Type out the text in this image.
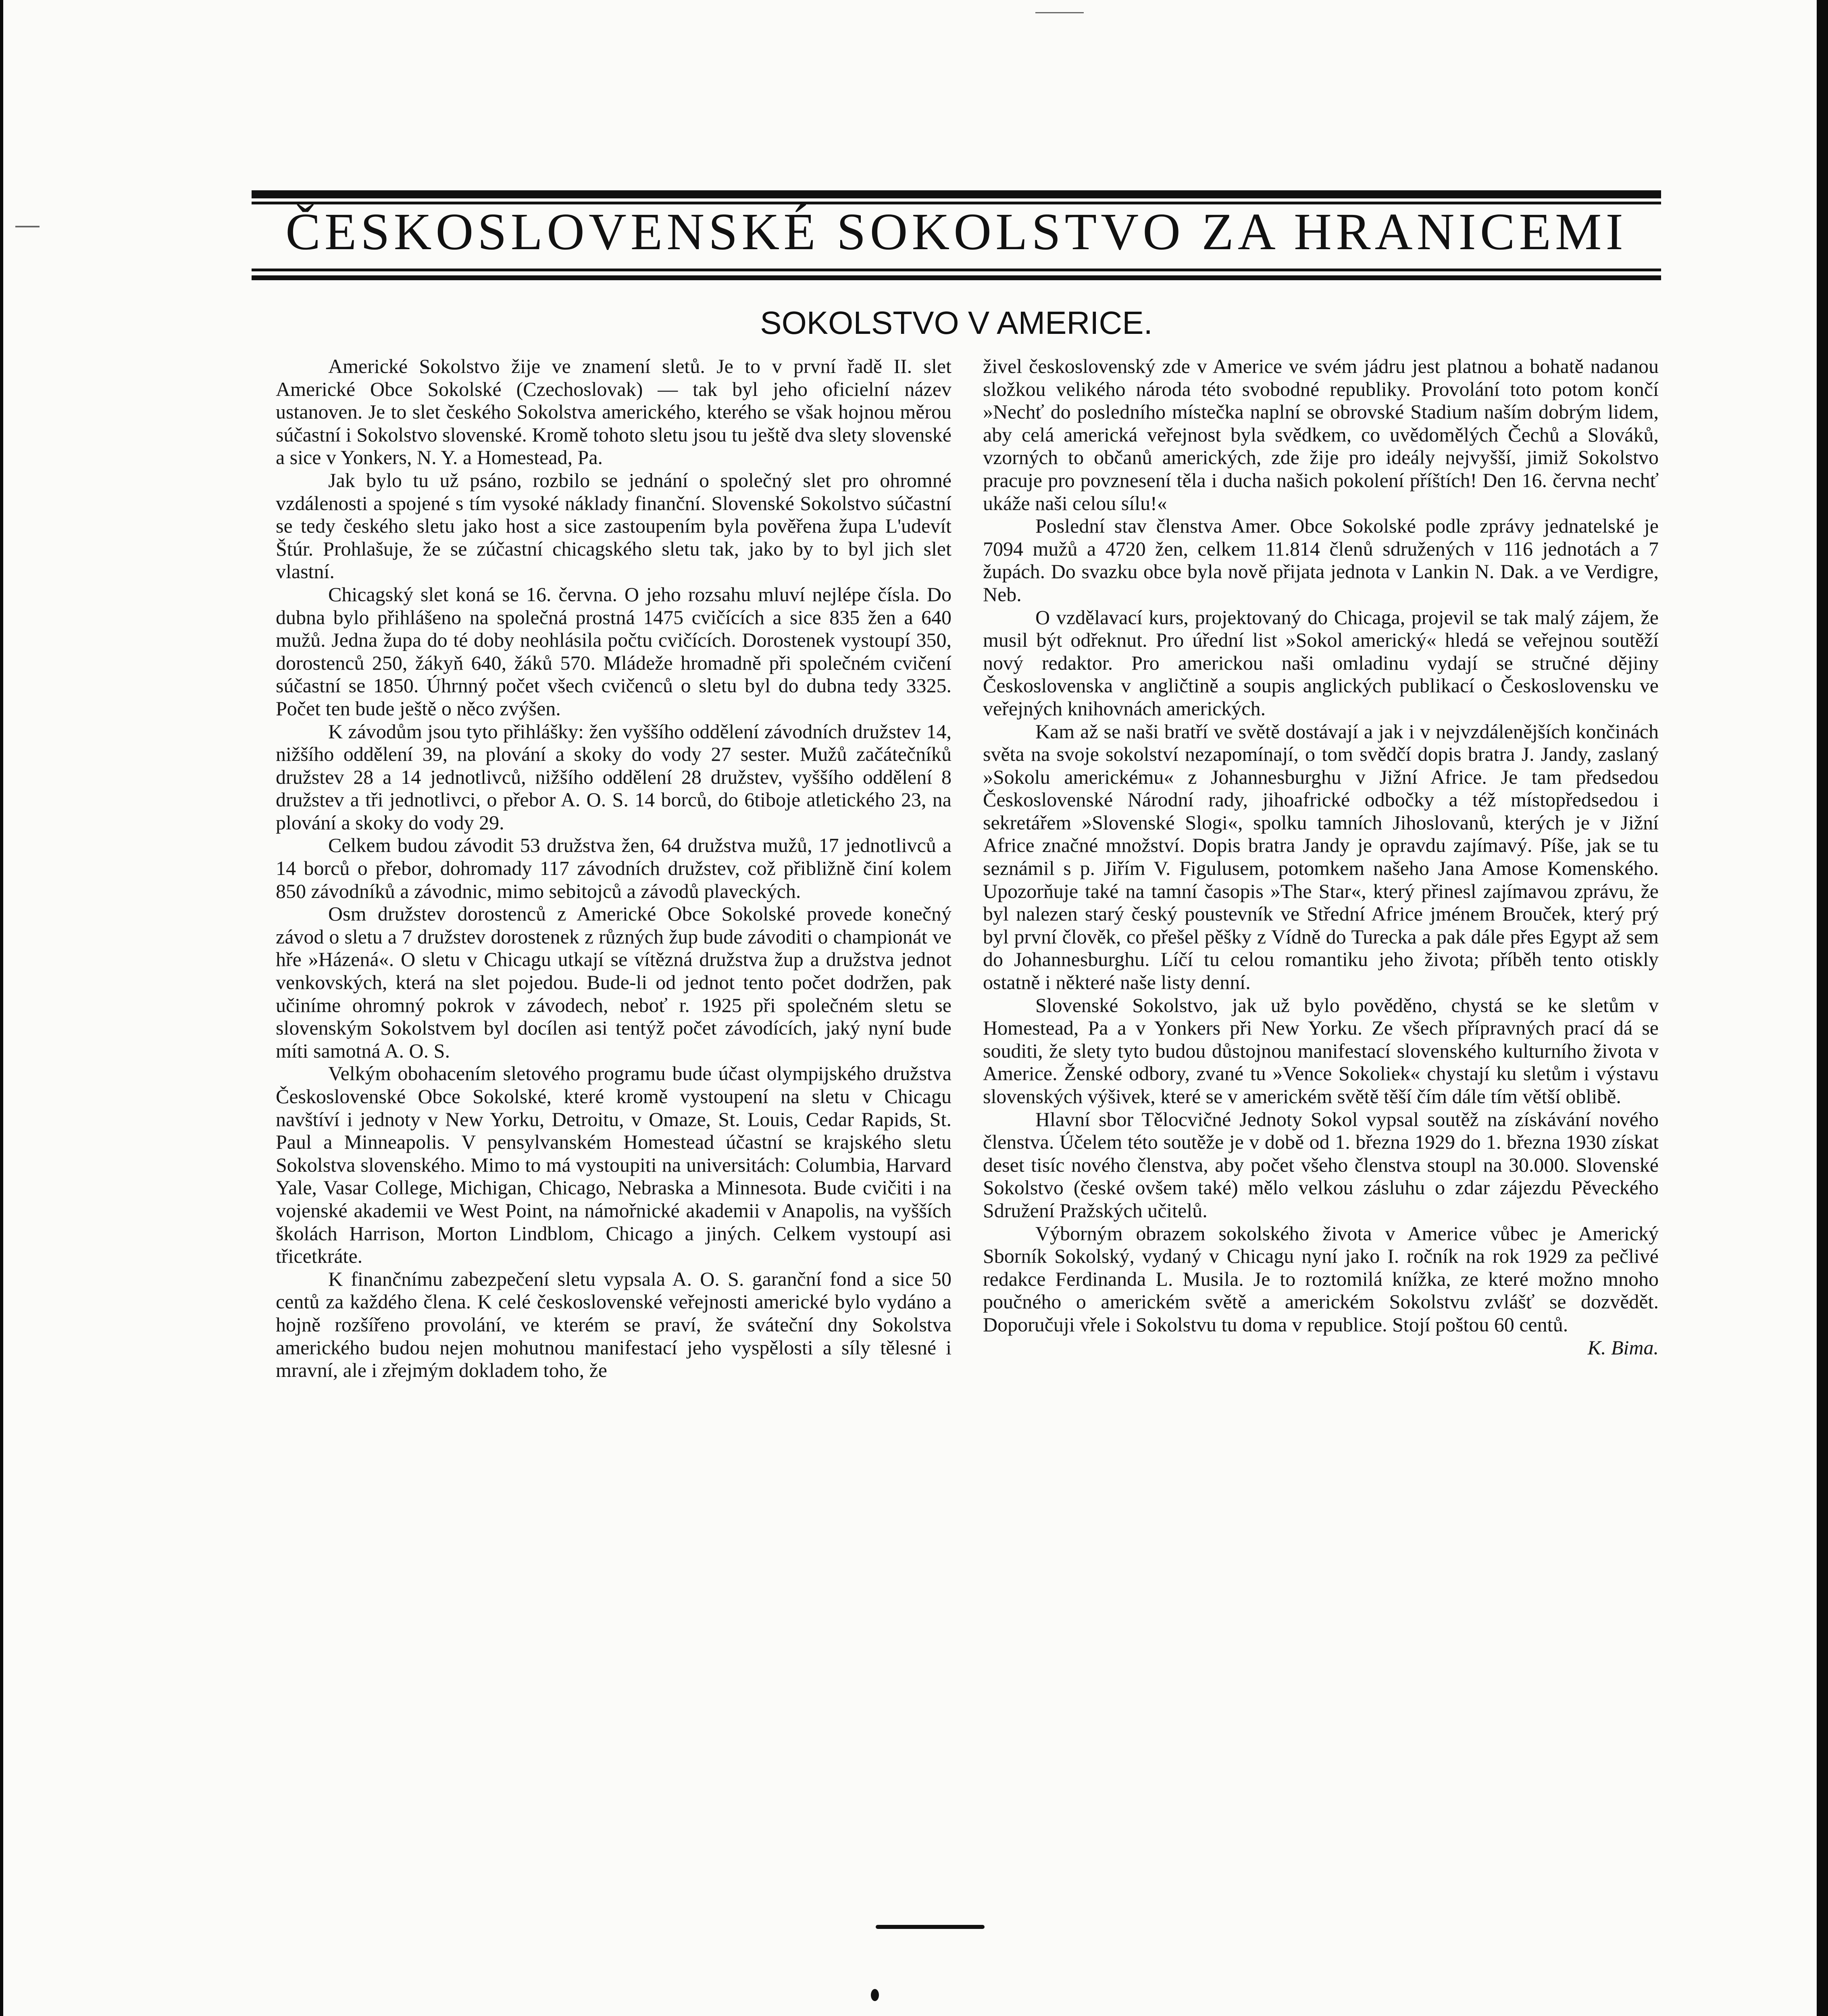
ČESKOSLOVENSKÉ SOKOLSTVO ZA HRANICEMI
SOKOLSTVO V AMERICE.

Americké Sokolstvo žije ve znamení sletů. Je to v první řadě II. slet Americké Obce Sokolské (Czechoslovak) — tak byl jeho oficielní název ustanoven. Je to slet českého Sokolstva amerického, kterého se však hojnou měrou súčastní i Sokolstvo slovenské. Kromě tohoto sletu jsou tu ještě dva slety slovenské a sice v Yonkers, N. Y. a Homestead, Pa.

Jak bylo tu už psáno, rozbilo se jednání o společný slet pro ohromné vzdálenosti a spojené s tím vysoké náklady finanční. Slovenské Sokolstvo súčastní se tedy českého sletu jako host a sice zastoupením byla pověřena župa L'udevít Štúr. Prohlašuje, že se zúčastní chicagského sletu tak, jako by to byl jich slet vlastní.

Chicagský slet koná se 16. června. O jeho rozsahu mluví nejlépe čísla. Do dubna bylo přihlášeno na společná prostná 1475 cvičících a sice 835 žen a 640 mužů. Jedna župa do té doby neohlásila počtu cvičících. Dorostenek vystoupí 350, dorostenců 250, žákyň 640, žáků 570. Mládeže hromadně při společném cvičení súčastní se 1850. Úhrnný počet všech cvičenců o sletu byl do dubna tedy 3325. Počet ten bude ještě o něco zvýšen.

K závodům jsou tyto přihlášky: žen vyššího oddělení závodních družstev 14, nižšího oddělení 39, na plování a skoky do vody 27 sester. Mužů začátečníků družstev 28 a 14 jednotlivců, nižšího oddělení 28 družstev, vyššího oddělení 8 družstev a tři jednotlivci, o přebor A. O. S. 14 borců, do 6tiboje atletického 23, na plování a skoky do vody 29.

Celkem budou závodit 53 družstva žen, 64 družstva mužů, 17 jednotlivců a 14 borců o přebor, dohromady 117 závodních družstev, což přibližně činí kolem 850 závodníků a závodnic, mimo sebitojců a závodů plaveckých.

Osm družstev dorostenců z Americké Obce Sokolské provede konečný závod o sletu a 7 družstev dorostenek z různých žup bude závoditi o championát ve hře »Házená«. O sletu v Chicagu utkají se vítězná družstva žup a družstva jednot venkovských, která na slet pojedou. Bude-li od jednot tento počet dodržen, pak učiníme ohromný pokrok v závodech, neboť r. 1925 při společném sletu se slovenským Sokolstvem byl docílen asi tentýž počet závodících, jaký nyní bude míti samotná A. O. S.

Velkým obohacením sletového programu bude účast olympijského družstva Československé Obce Sokolské, které kromě vystoupení na sletu v Chicagu navštíví i jednoty v New Yorku, Detroitu, v Omaze, St. Louis, Cedar Rapids, St. Paul a Minneapolis. V pensylvanském Homestead účastní se krajského sletu Sokolstva slovenského. Mimo to má vystoupiti na universitách: Columbia, Harvard Yale, Vasar College, Michigan, Chicago, Nebraska a Minnesota. Bude cvičiti i na vojenské akademii ve West Point, na námořnické akademii v Anapolis, na vyšších školách Harrison, Morton Lindblom, Chicago a jiných. Celkem vystoupí asi třicetkráte.

K finančnímu zabezpečení sletu vypsala A. O. S. garanční fond a sice 50 centů za každého člena. K celé československé veřejnosti americké bylo vydáno a hojně rozšířeno provolání, ve kterém se praví, že sváteční dny Sokolstva amerického budou nejen mohutnou manifestací jeho vyspělosti a síly tělesné i mravní, ale i zřejmým dokladem toho, že

živel československý zde v Americe ve svém jádru jest platnou a bohatě nadanou složkou velikého národa této svobodné republiky. Provolání toto potom končí »Nechť do posledního místečka naplní se obrovské Stadium naším dobrým lidem, aby celá americká veřejnost byla svědkem, co uvědomělých Čechů a Slováků, vzorných to občanů amerických, zde žije pro ideály nejvyšší, jimiž Sokolstvo pracuje pro povznesení těla i ducha našich pokolení příštích! Den 16. června nechť ukáže naši celou sílu!«

Poslední stav členstva Amer. Obce Sokolské podle zprávy jednatelské je 7094 mužů a 4720 žen, celkem 11.814 členů sdružených v 116 jednotách a 7 župách. Do svazku obce byla nově přijata jednota v Lankin N. Dak. a ve Verdigre, Neb.

O vzdělavací kurs, projektovaný do Chicaga, projevil se tak malý zájem, že musil být odřeknut. Pro úřední list »Sokol americký« hledá se veřejnou soutěží nový redaktor. Pro americkou naši omladinu vydají se stručné dějiny Československa v angličtině a soupis anglických publikací o Československu ve veřejných knihovnách amerických.

Kam až se naši bratří ve světě dostávají a jak i v nejvzdálenějších končinách světa na svoje sokolství nezapomínají, o tom svědčí dopis bratra J. Jandy, zaslaný »Sokolu americkému« z Johannesburghu v Jižní Africe. Je tam předsedou Československé Národní rady, jihoafrické odbočky a též místopředsedou i sekretářem »Slovenské Slogi«, spolku tamních Jihoslovanů, kterých je v Jižní Africe značné množství. Dopis bratra Jandy je opravdu zajímavý. Píše, jak se tu seznámil s p. Jiřím V. Figulusem, potomkem našeho Jana Amose Komenského. Upozorňuje také na tamní časopis »The Star«, který přinesl zajímavou zprávu, že byl nalezen starý český poustevník ve Střední Africe jménem Brouček, který prý byl první člověk, co přešel pěšky z Vídně do Turecka a pak dále přes Egypt až sem do Johannesburghu. Líčí tu celou romantiku jeho života; příběh tento otiskly ostatně i některé naše listy denní.

Slovenské Sokolstvo, jak už bylo pověděno, chystá se ke sletům v Homestead, Pa a v Yonkers při New Yorku. Ze všech přípravných prací dá se souditi, že slety tyto budou důstojnou manifestací slovenského kulturního života v Americe. Ženské odbory, zvané tu »Vence Sokoliek« chystají ku sletům i výstavu slovenských výšivek, které se v americkém světě těší čím dále tím větší oblibě.

Hlavní sbor Tělocvičné Jednoty Sokol vypsal soutěž na získávání nového členstva. Účelem této soutěže je v době od 1. března 1929 do 1. března 1930 získat deset tisíc nového členstva, aby počet všeho členstva stoupl na 30.000. Slovenské Sokolstvo (české ovšem také) mělo velkou zásluhu o zdar zájezdu Pěveckého Sdružení Pražských učitelů.

Výborným obrazem sokolského života v Americe vůbec je Americký Sborník Sokolský, vydaný v Chicagu nyní jako I. ročník na rok 1929 za pečlivé redakce Ferdinanda L. Musila. Je to roztomilá knížka, ze které možno mnoho poučného o americkém světě a americkém Sokolstvu zvlášť se dozvědět. Doporučuji vřele i Sokolstvu tu doma v republice. Stojí poštou 60 centů.

K. Bima.
